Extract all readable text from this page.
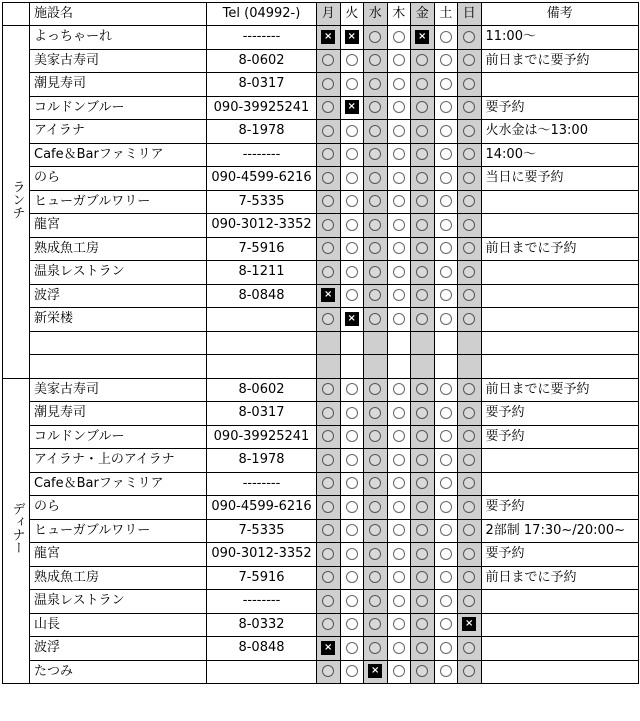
	施設名	Tel (04992-)	月	火	水	木	金	土	日	備考
ランチ	よっちゃーれ	--------	×	×			×			11:00〜
	美家古寿司	8-0602								前日までに要予約
	潮見寿司	8-0317								
	コルドンブルー	090-39925241		×						要予約
	アイラナ	8-1978								火水金は〜13:00
	Cafe＆Barファミリア	--------								14:00〜
	のら	090-4599-6216								当日に要予約
	ヒューガブルワリー	7-5335								
	龍宮	090-3012-3352								
	熟成魚工房	7-5916								前日までに予約
	温泉レストラン	8-1211								
	波浮	8-0848	×							
	新栄楼			×						

ディナー	美家古寿司	8-0602								前日までに要予約
	潮見寿司	8-0317								要予約
	コルドンブルー	090-39925241								要予約
	アイラナ・上のアイラナ	8-1978								
	Cafe＆Barファミリア	--------								
	のら	090-4599-6216								要予約
	ヒューガブルワリー	7-5335								2部制 17:30~/20:00~
	龍宮	090-3012-3352								要予約
	熟成魚工房	7-5916								前日までに予約
	温泉レストラン	--------								
	山長	8-0332							×	
	波浮	8-0848	×							
	たつみ				×					
